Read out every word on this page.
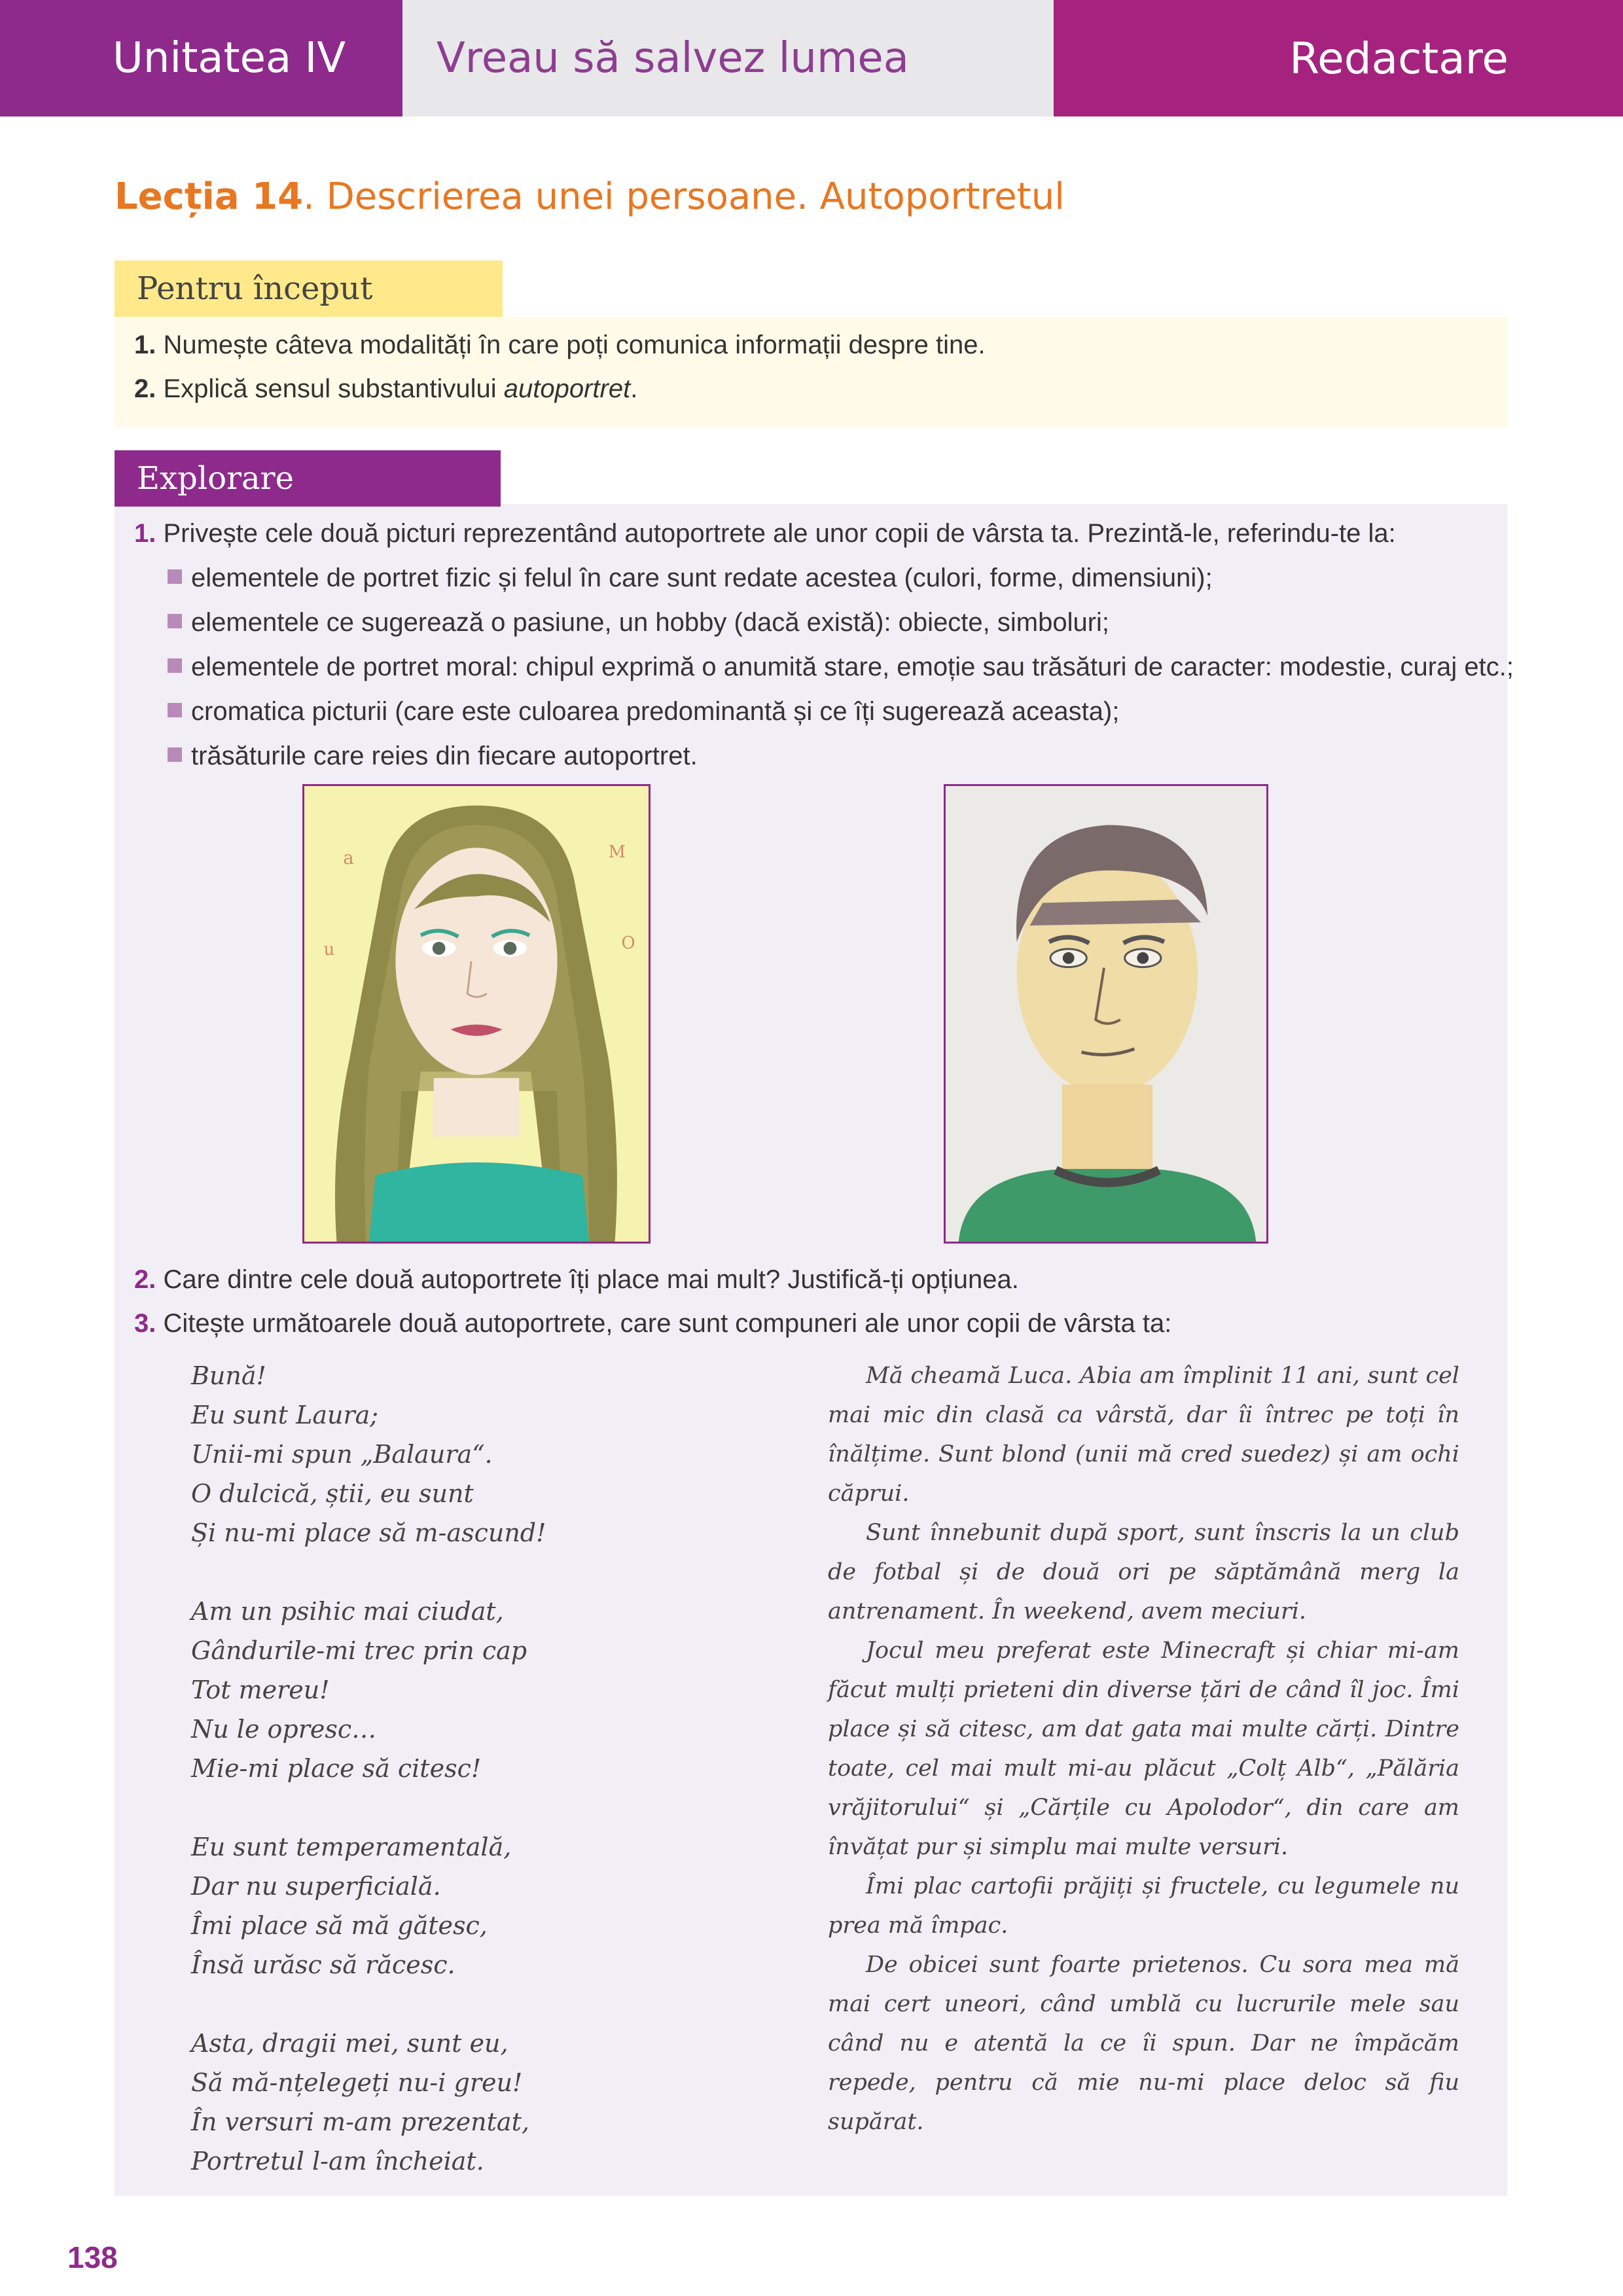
Unitatea IV	Vreau să salvez lumea	Redactare
Lecția 14. Descrierea unei persoane. Autoportretul
Pentru început
1. Numește câteva modalități în care poți comunica informații despre tine.
2. Explică sensul substantivului autoportret.
Explorare
1. Privește cele două picturi reprezentând autoportrete ale unor copii de vârsta ta. Prezintă-le, referindu-te la:
elementele de portret fizic și felul în care sunt redate acestea (culori, forme, dimensiuni);
elementele ce sugerează o pasiune, un hobby (dacă există): obiecte, simboluri;
elementele de portret moral: chipul exprimă o anumită stare, emoție sau trăsături de caracter: modestie, curaj etc.;
cromatica picturii (care este culoarea predominantă și ce îți sugerează aceasta);
trăsăturile care reies din fiecare autoportret.
a
u
M
O
2. Care dintre cele două autoportrete îți place mai mult? Justifică-ți opțiunea.
3. Citește următoarele două autoportrete, care sunt compuneri ale unor copii de vârsta ta:
Bună!
Eu sunt Laura;
Unii-mi spun „Balaura“.
O dulcică, știi, eu sunt
Și nu-mi place să m-ascund!
Am un psihic mai ciudat,
Gândurile-mi trec prin cap
Tot mereu!
Nu le opresc…
Mie-mi place să citesc!
Eu sunt temperamentală,
Dar nu superficială.
Îmi place să mă gătesc,
Însă urăsc să răcesc.
Asta, dragii mei, sunt eu,
Să mă-nțelegeți nu-i greu!
În versuri m-am prezentat,
Portretul l-am încheiat.

Mă cheamă Luca. Abia am împlinit 11 ani, sunt cel mai mic din clasă ca vârstă, dar îi întrec pe toți în înălțime. Sunt blond (unii mă cred suedez) și am ochi căprui.

Sunt înnebunit după sport, sunt înscris la un club de fotbal și de două ori pe săptămână merg la antrenament. În weekend, avem meciuri.

Jocul meu preferat este Minecraft și chiar mi-am făcut mulți prieteni din diverse țări de când îl joc. Îmi place și să citesc, am dat gata mai multe cărți. Dintre toate, cel mai mult mi-au plăcut „Colț Alb“, „Pălăria vrăjitorului“ și „Cărțile cu Apolodor“, din care am învățat pur și simplu mai multe versuri.

Îmi plac cartofii prăjiți și fructele, cu legumele nu prea mă împac.

De obicei sunt foarte prietenos. Cu sora mea mă mai cert uneori, când umblă cu lucrurile mele sau când nu e atentă la ce îi spun. Dar ne împăcăm repede, pentru că mie nu-mi place deloc să fiu supărat.

138
